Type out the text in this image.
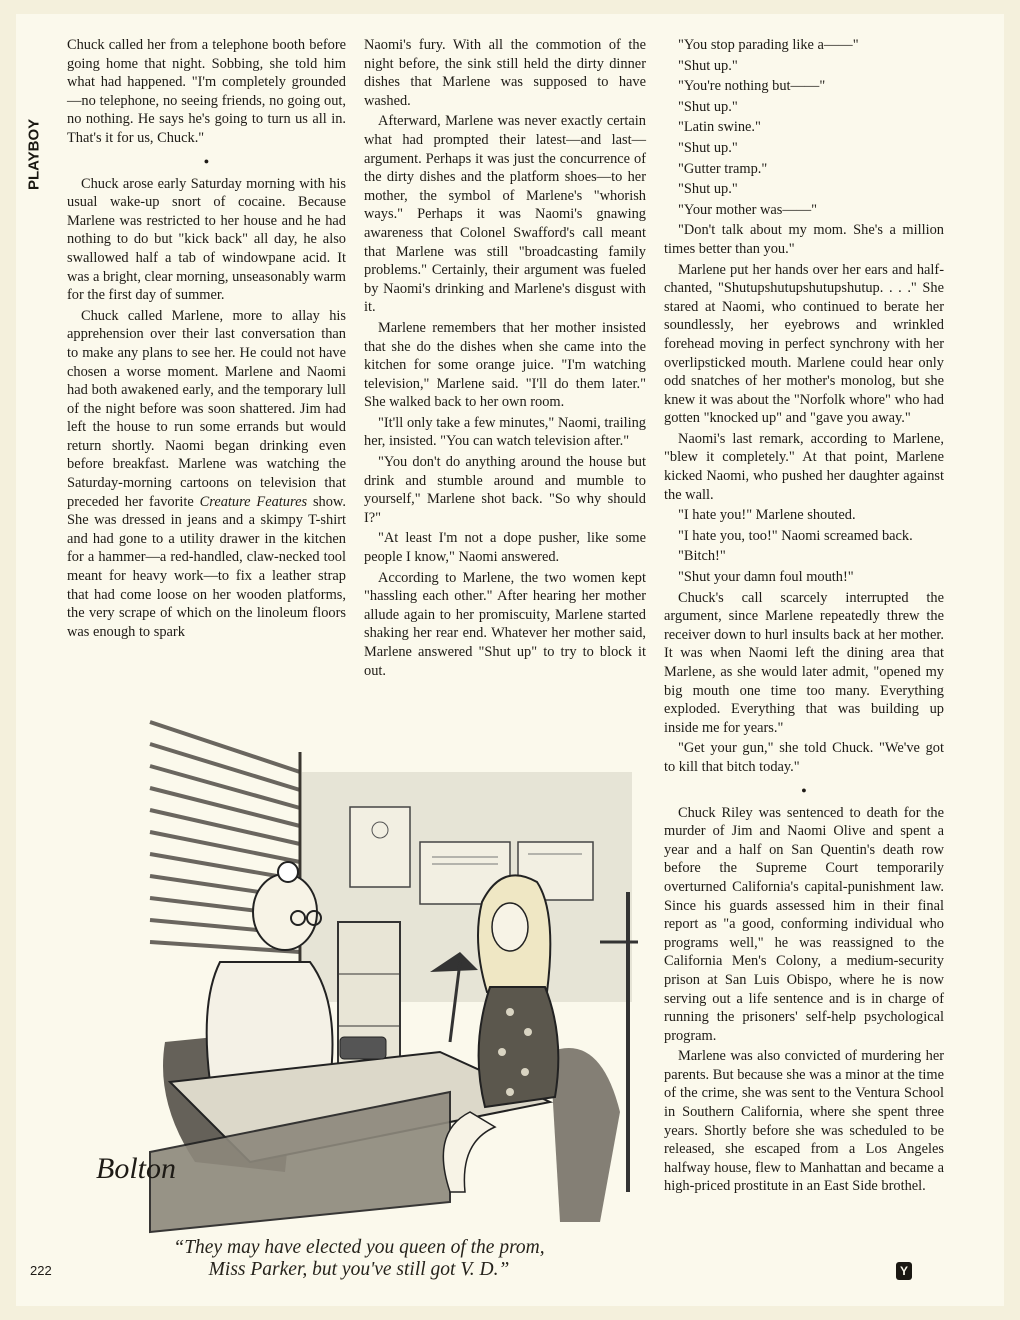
PLAYBOY

Chuck called her from a telephone booth before going home that night. Sobbing, she told him what had happened. "I'm completely grounded—no telephone, no seeing friends, no going out, no nothing. He says he's going to turn us all in. That's it for us, Chuck."

●

Chuck arose early Saturday morning with his usual wake-up snort of cocaine. Because Marlene was restricted to her house and he had nothing to do but "kick back" all day, he also swallowed half a tab of windowpane acid. It was a bright, clear morning, unseasonably warm for the first day of summer.

Chuck called Marlene, more to allay his apprehension over their last conversation than to make any plans to see her. He could not have chosen a worse moment. Marlene and Naomi had both awakened early, and the temporary lull of the night before was soon shattered. Jim had left the house to run some errands but would return shortly. Naomi began drinking even before breakfast. Marlene was watching the Saturday-morning cartoons on television that preceded her favorite Creature Features show. She was dressed in jeans and a skimpy T-shirt and had gone to a utility drawer in the kitchen for a hammer—a red-handled, claw-necked tool meant for heavy work—to fix a leather strap that had come loose on her wooden platforms, the very scrape of which on the linoleum floors was enough to spark

Naomi's fury. With all the commotion of the night before, the sink still held the dirty dinner dishes that Marlene was supposed to have washed.

Afterward, Marlene was never exactly certain what had prompted their latest—and last—argument. Perhaps it was just the concurrence of the dirty dishes and the platform shoes—to her mother, the symbol of Marlene's "whorish ways." Perhaps it was Naomi's gnawing awareness that Colonel Swafford's call meant that Marlene was still "broadcasting family problems." Certainly, their argument was fueled by Naomi's drinking and Marlene's disgust with it.

Marlene remembers that her mother insisted that she do the dishes when she came into the kitchen for some orange juice. "I'm watching television," Marlene said. "I'll do them later." She walked back to her own room.

"It'll only take a few minutes," Naomi, trailing her, insisted. "You can watch television after."

"You don't do anything around the house but drink and stumble around and mumble to yourself," Marlene shot back. "So why should I?"

"At least I'm not a dope pusher, like some people I know," Naomi answered.

According to Marlene, the two women kept "hassling each other." After hearing her mother allude again to her promiscuity, Marlene started shaking her rear end. Whatever her mother said, Marlene answered "Shut up" to try to block it out.

"You stop parading like a——"

"Shut up."

"You're nothing but——"

"Shut up."

"Latin swine."

"Shut up."

"Gutter tramp."

"Shut up."

"Your mother was——"

"Don't talk about my mom. She's a million times better than you."

Marlene put her hands over her ears and half-chanted, "Shutupshutupshutupshutup. . . ." She stared at Naomi, who continued to berate her soundlessly, her eyebrows and wrinkled forehead moving in perfect synchrony with her overlipsticked mouth. Marlene could hear only odd snatches of her mother's monolog, but she knew it was about the "Norfolk whore" who had gotten "knocked up" and "gave you away."

Naomi's last remark, according to Marlene, "blew it completely." At that point, Marlene kicked Naomi, who pushed her daughter against the wall.

"I hate you!" Marlene shouted.

"I hate you, too!" Naomi screamed back.

"Bitch!"

"Shut your damn foul mouth!"

Chuck's call scarcely interrupted the argument, since Marlene repeatedly threw the receiver down to hurl insults back at her mother. It was when Naomi left the dining area that Marlene, as she would later admit, "opened my big mouth one time too many. Everything exploded. Everything that was building up inside me for years."

"Get your gun," she told Chuck. "We've got to kill that bitch today."

●

Chuck Riley was sentenced to death for the murder of Jim and Naomi Olive and spent a year and a half on San Quentin's death row before the Supreme Court temporarily overturned California's capital-punishment law. Since his guards assessed him in their final report as "a good, conforming individual who programs well," he was reassigned to the California Men's Colony, a medium-security prison at San Luis Obispo, where he is now serving out a life sentence and is in charge of running the prisoners' self-help psychological program.

Marlene was also convicted of murdering her parents. But because she was a minor at the time of the crime, she was sent to the Ventura School in Southern California, where she spent three years. Shortly before she was scheduled to be released, she escaped from a Los Angeles halfway house, flew to Manhattan and became a high-priced prostitute in an East Side brothel.

Bolton
“They may have elected you queen of the prom,
Miss Parker, but you've still got V. D.”
222	Y
